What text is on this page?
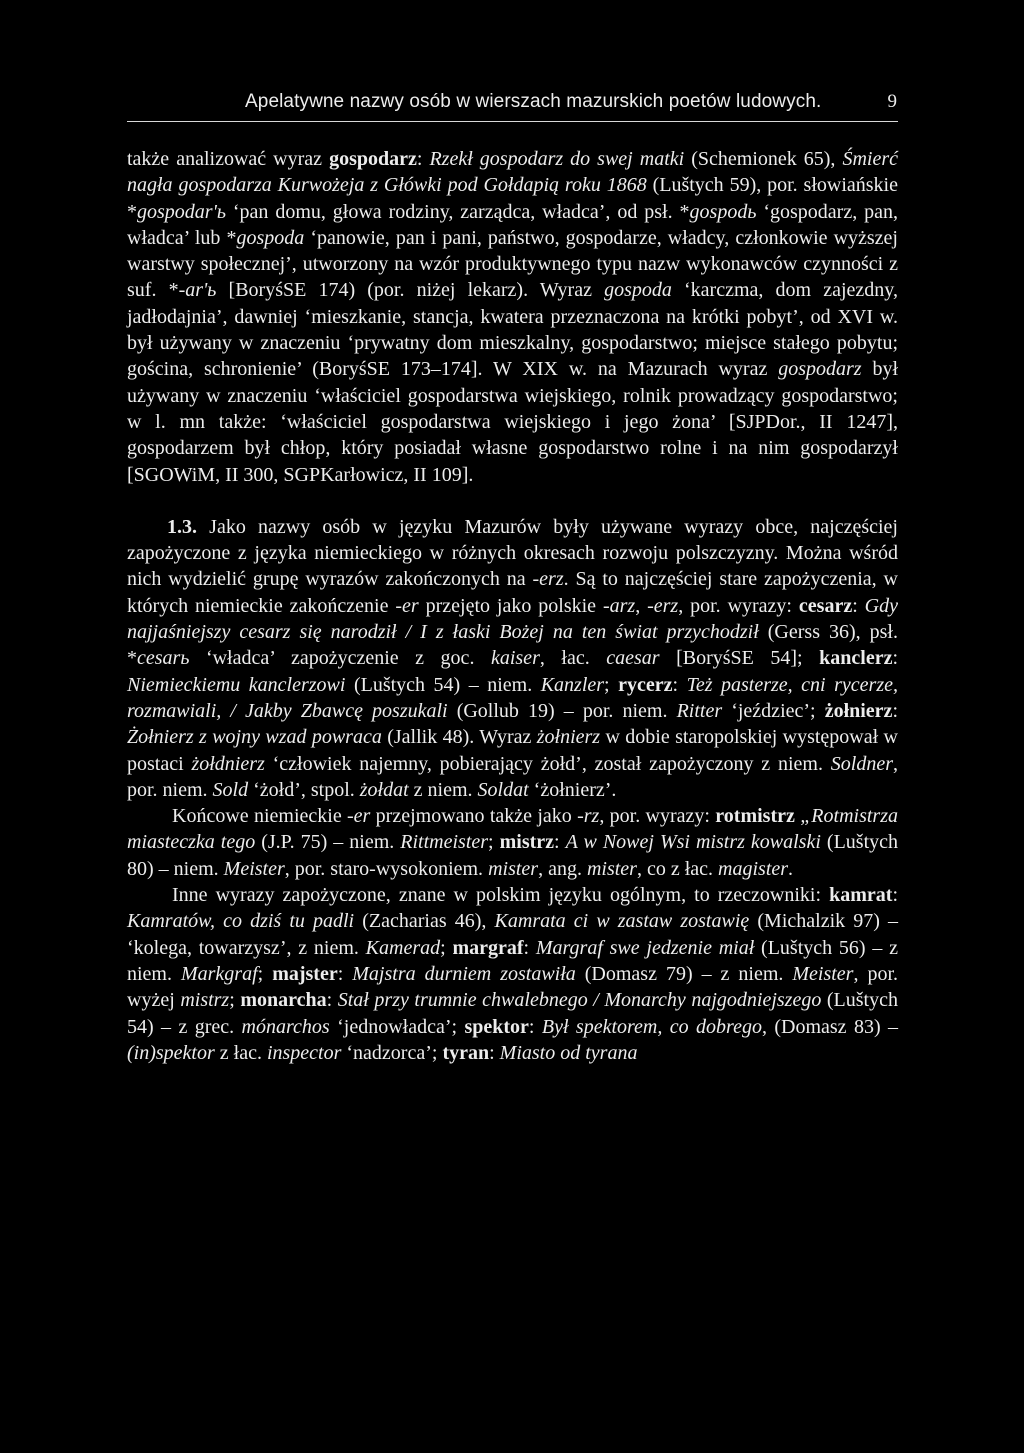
Apelatywne nazwy osób w wierszach mazurskich poetów ludowych.	9

także analizować wyraz gospodarz: Rzekł gospodarz do swej matki (Schemionek 65), Śmierć nagła gospodarza Kurwożeja z Główki pod Gołdapią roku 1868 (Luštych 59), por. słowiańskie *gospodar'ь ‘pan domu, głowa rodziny, zarządca, władca’, od psł. *gospodь ‘gospodarz, pan, władca’ lub *gospoda ‘panowie, pan i pani, państwo, gospodarze, władcy, członkowie wyższej warstwy społecznej’, utworzony na wzór produktywnego typu nazw wykonawców czynności z suf. *-ar'ь [BoryśSE 174) (por. niżej lekarz). Wyraz gospoda ‘karczma, dom zajezdny, jadłodajnia’, dawniej ‘mieszkanie, stancja, kwatera przeznaczona na krótki pobyt’, od XVI w. był używany w znaczeniu ‘prywatny dom mieszkalny, gospodarstwo; miejsce stałego pobytu; gościna, schronienie’ (BoryśSE 173–174]. W XIX w. na Mazurach wyraz gospodarz był używany w znaczeniu ‘właściciel gospodarstwa wiejskiego, rolnik prowadzący gospodarstwo; w l. mn także: ‘właściciel gospodarstwa wiejskiego i jego żona’ [SJPDor., II 1247], gospodarzem był chłop, który posiadał własne gospodarstwo rolne i na nim gospodarzył [SGOWiM, II 300, SGPKarłowicz, II 109].

1.3. Jako nazwy osób w języku Mazurów były używane wyrazy obce, najczęściej zapożyczone z języka niemieckiego w różnych okresach rozwoju polszczyzny. Można wśród nich wydzielić grupę wyrazów zakończonych na -erz. Są to najczęściej stare zapożyczenia, w których niemieckie zakończenie -er przejęto jako polskie -arz, -erz, por. wyrazy: cesarz: Gdy najjaśniejszy cesarz się narodził / I z łaski Bożej na ten świat przychodził (Gerss 36), psł. *cesarь ‘władca’ zapożyczenie z goc. kaiser, łac. caesar [BoryśSE 54]; kanclerz: Niemieckiemu kanclerzowi (Luštych 54) – niem. Kanzler; rycerz: Też pasterze, cni rycerze, rozmawiali, / Jakby Zbawcę poszukali (Gollub 19) – por. niem. Ritter ‘jeździec’; żołnierz: Żołnierz z wojny wzad powraca (Jallik 48). Wyraz żołnierz w dobie staropolskiej występował w postaci żołdnierz ‘człowiek najemny, pobierający żołd’, został zapożyczony z niem. Soldner, por. niem. Sold ‘żołd’, stpol. żołdat z niem. Soldat ‘żołnierz’.

Końcowe niemieckie -er przejmowano także jako -rz, por. wyrazy: rotmistrz „Rotmistrza miasteczka tego (J.P. 75) – niem. Rittmeister; mistrz: A w Nowej Wsi mistrz kowalski (Luštych 80) – niem. Meister, por. staro-wysokoniem. mister, ang. mister, co z łac. magister.

Inne wyrazy zapożyczone, znane w polskim języku ogólnym, to rzeczowniki: kamrat: Kamratów, co dziś tu padli (Zacharias 46), Kamrata ci w zastaw zostawię (Michalzik 97) – ‘kolega, towarzysz’, z niem. Kamerad; margraf: Margraf swe jedzenie miał (Luštych 56) – z niem. Markgraf; majster: Majstra durniem zostawiła (Domasz 79) – z niem. Meister, por. wyżej mistrz; monarcha: Stał przy trumnie chwalebnego / Monarchy najgodniejszego (Luštych 54) – z grec. mónarchos ‘jednowładca’; spektor: Był spektorem, co dobrego, (Domasz 83) – (in)spektor z łac. inspector ‘nadzorca’; tyran: Miasto od tyrana
